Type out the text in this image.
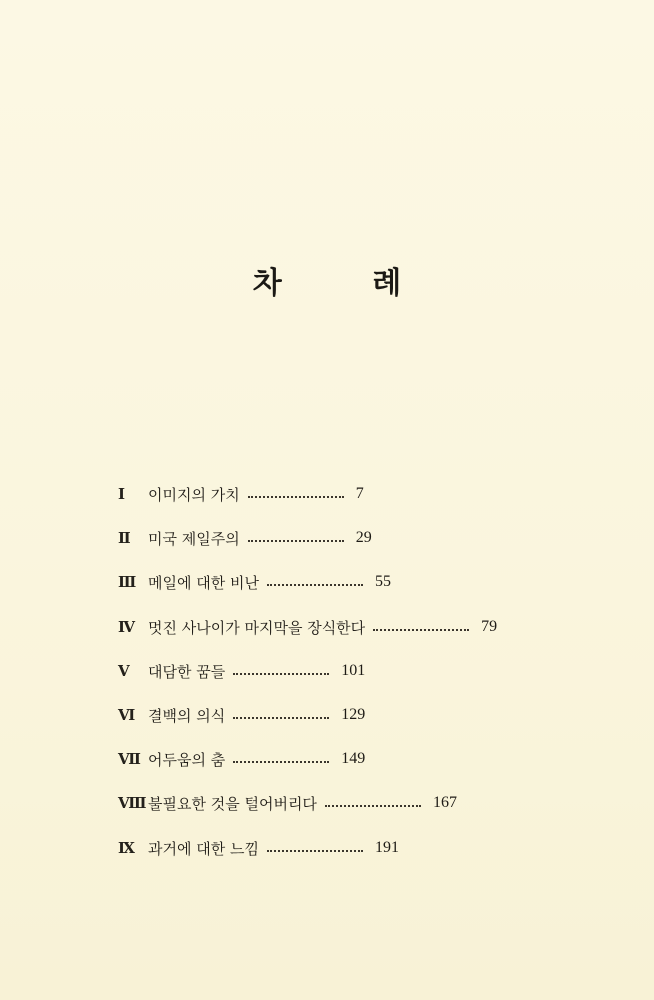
차 례
Ⅰ	이미지의 가치	7
Ⅱ	미국 제일주의	29
Ⅲ 메일에 대한 비난	55
Ⅳ 멋진 사나이가 마지막을 장식한다	79
Ⅴ	대담한 꿈들	101
Ⅵ 결백의 의식	129
Ⅶ 어두움의 춤	149
Ⅷ 불필요한 것을 털어버리다	167
Ⅸ 과거에 대한 느낌	191
